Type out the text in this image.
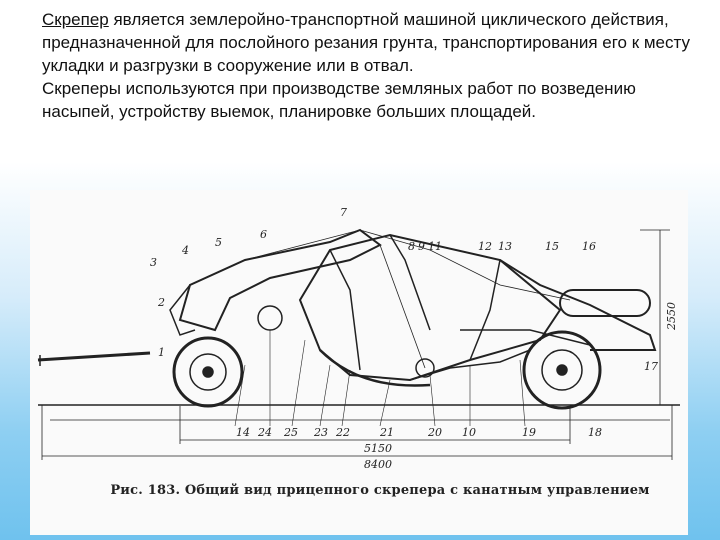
Скрепер является землеройно-транспортной машиной циклического действия, предназначенной для послойного резания грунта, транспортирования его к месту укладки и разгрузки в сооружение или в отвал.

Скреперы используются при производстве земляных работ по возведению насыпей, устройству выемок, планировке больших площадей.

1
2
3
4
5
6
7
8 9 11	12 13	15 16
17
18
19
10
20
21
22
23
24 25
14
5150
8400
2550
Рис. 183. Общий вид прицепного скрепера с канатным управлением
